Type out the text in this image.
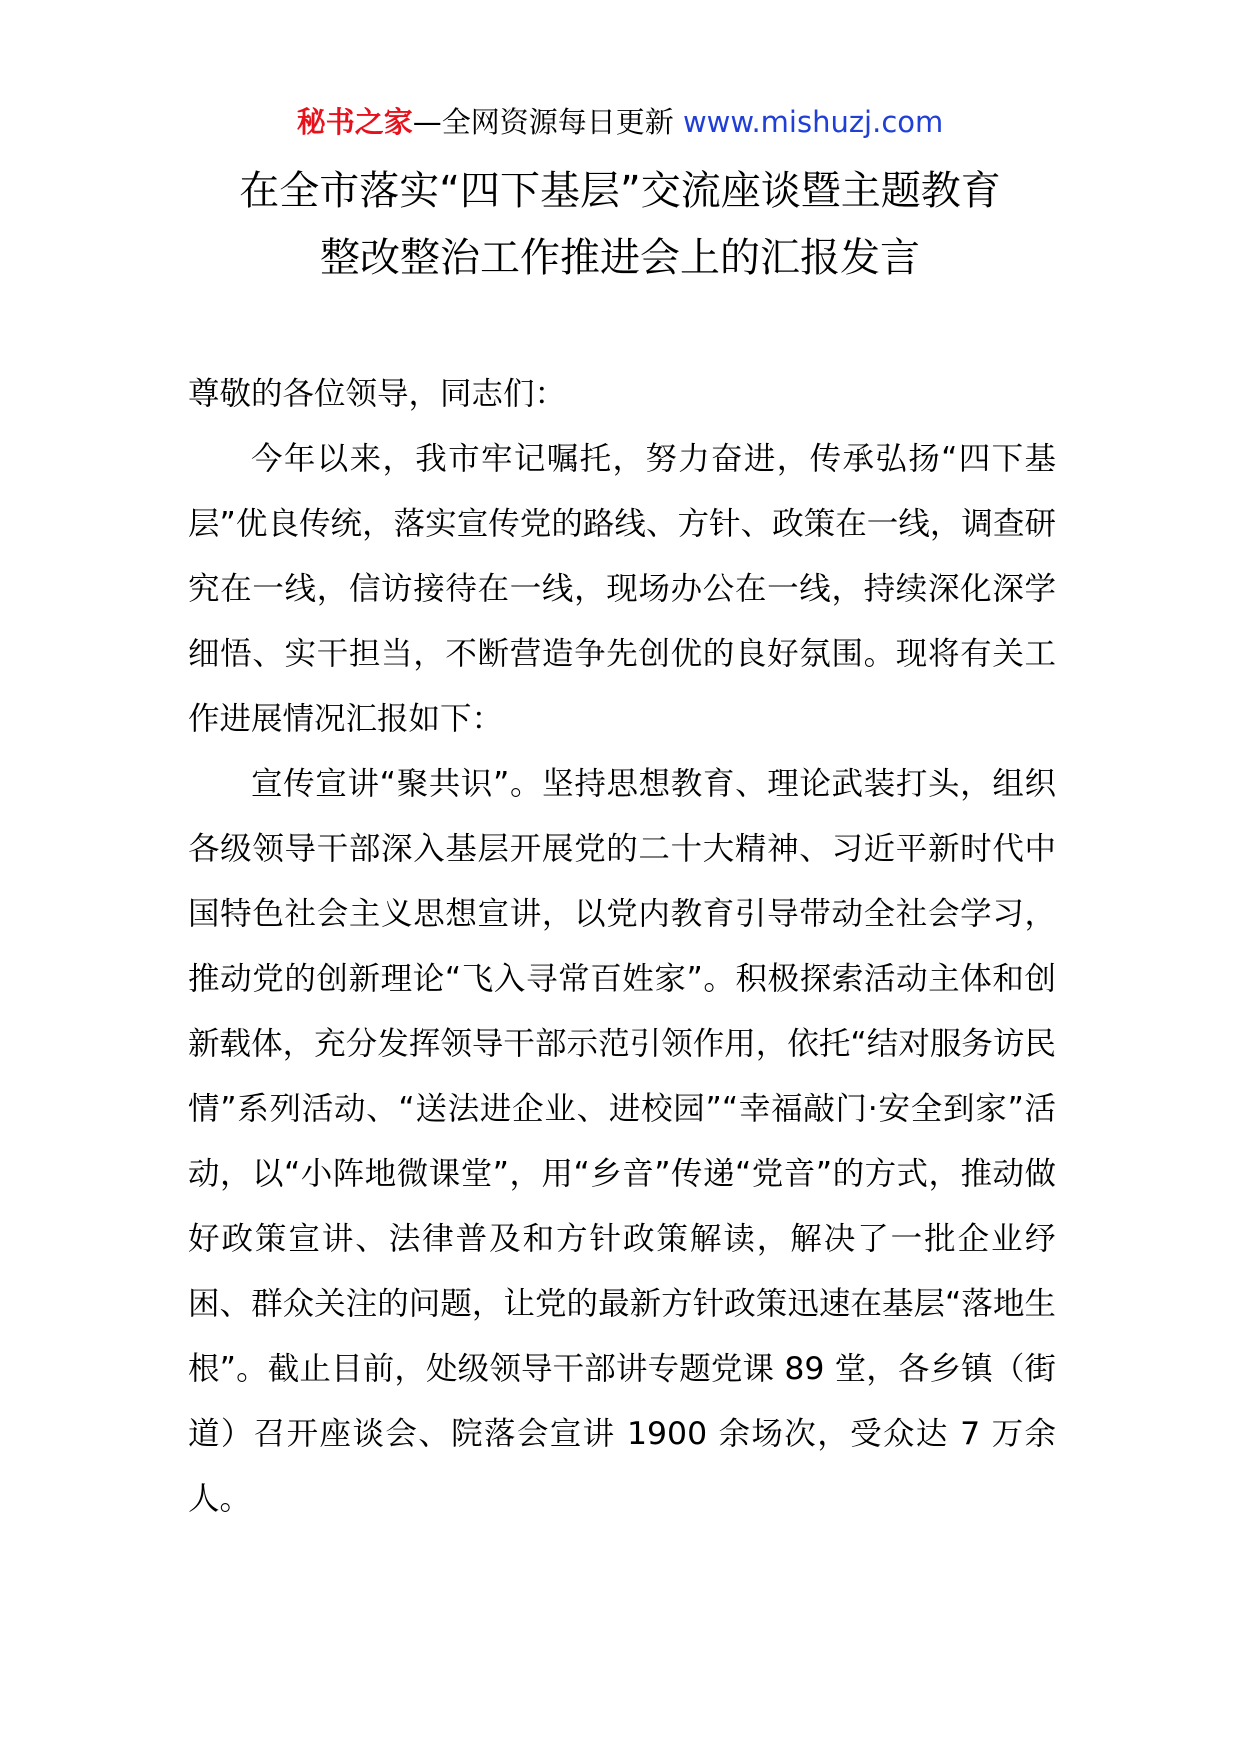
秘书之家—全网资源每日更新 www.mishuzj.com
在全市落实“四下基层”交流座谈暨主题教育
整改整治工作推进会上的汇报发言

尊敬的各位领导，同志们：

今年以来，我市牢记嘱托，努力奋进，传承弘扬“四下基层”优良传统，落实宣传党的路线、方针、政策在一线，调查研究在一线，信访接待在一线，现场办公在一线，持续深化深学细悟、实干担当，不断营造争先创优的良好氛围。现将有关工作进展情况汇报如下：

宣传宣讲“聚共识”。坚持思想教育、理论武装打头，组织各级领导干部深入基层开展党的二十大精神、习近平新时代中国特色社会主义思想宣讲，以党内教育引导带动全社会学习，推动党的创新理论“飞入寻常百姓家”。积极探索活动主体和创新载体，充分发挥领导干部示范引领作用，依托“结对服务访民情”系列活动、“送法进企业、进校园”“幸福敲门·安全到家”活动，以“小阵地微课堂”，用“乡音”传递“党音”的方式，推动做好政策宣讲、法律普及和方针政策解读，解决了一批企业纾困、群众关注的问题，让党的最新方针政策迅速在基层“落地生根”。截止目前，处级领导干部讲专题党课 89 堂，各乡镇（街道）召开座谈会、院落会宣讲 1900 余场次，受众达 7 万余人。
